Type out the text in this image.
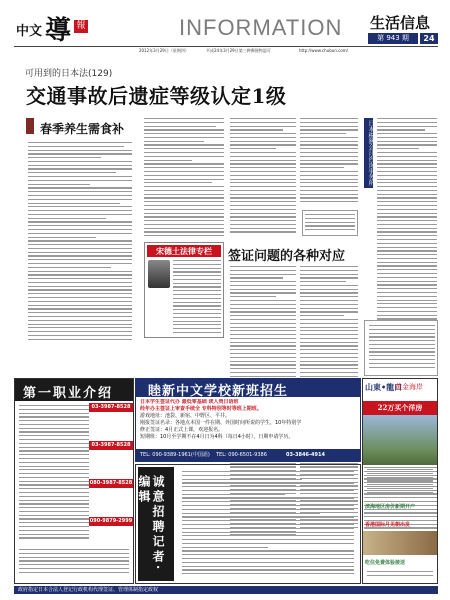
中文 導 報	INFORMATION 生活信息
第 943 期	24
2012年3月29日（星期四）	平成24年3月29日第三种郵便物認可	http://www.chubun.com/
可用到的日本法(129)
交通事故后遗症等级认定1级
春季养生需食补
宋德土法律专栏	签证问题的各种对应
日本税務会计咨询事务所
第一职业介绍
03-3987-8528
03-3987-8528
080-3987-8528
090-9879-2999
睦新中文学校新班招生
日本学生签证代办 最低零基础 读人贵日语班
经年办主签证上审查手续全 专科特别等时等班上期班。
游戏地址：池袋、新宿、中野区、平井。
刚报签证名录：各地点本国一件在期、外国时间所说的学生，10年特别学
修正签证：4月正式上课，欢迎报名。
短期班：10月至学期不在4月日为4科（每日4小时），日期申请学历。
TEL: 090-9389-1961(中国語) TEL: 090-6501-9386	03-3846-4914
诚意招聘记者·编辑
山東•龍口
黄金海岸
22万买个洋房
滨海地区房价新期开户
香港国际月见朝出发
吃住免费体验接送
政府指定日本合法人登记行政机构代理签证、管理体制指定政权
